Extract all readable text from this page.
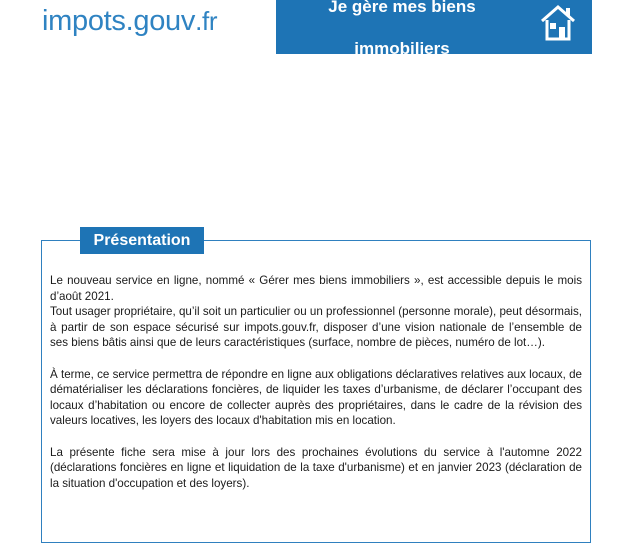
impots.gouv.fr	Je gère mes biens

immobiliers

Présentation

Le nouveau service en ligne, nommé « Gérer mes biens immobiliers », est accessible depuis le mois d’août 2021.

Tout usager propriétaire, qu’il soit un particulier ou un professionnel (personne morale), peut désormais, à partir de son espace sécurisé sur impots.gouv.fr, disposer d’une vision nationale de l’ensemble de ses biens bâtis ainsi que de leurs caractéristiques (surface, nombre de pièces, numéro de lot…).

À terme, ce service permettra de répondre en ligne aux obligations déclaratives relatives aux locaux, de dématérialiser les déclarations foncières, de liquider les taxes d’urbanisme, de déclarer l’occupant des locaux d’habitation ou encore de collecter auprès des propriétaires, dans le cadre de la révision des valeurs locatives, les loyers des locaux d'habitation mis en location.

La présente fiche sera mise à jour lors des prochaines évolutions du service à l'automne 2022 (déclarations foncières en ligne et liquidation de la taxe d'urbanisme) et en janvier 2023 (déclaration de la situation d'occupation et des loyers).
